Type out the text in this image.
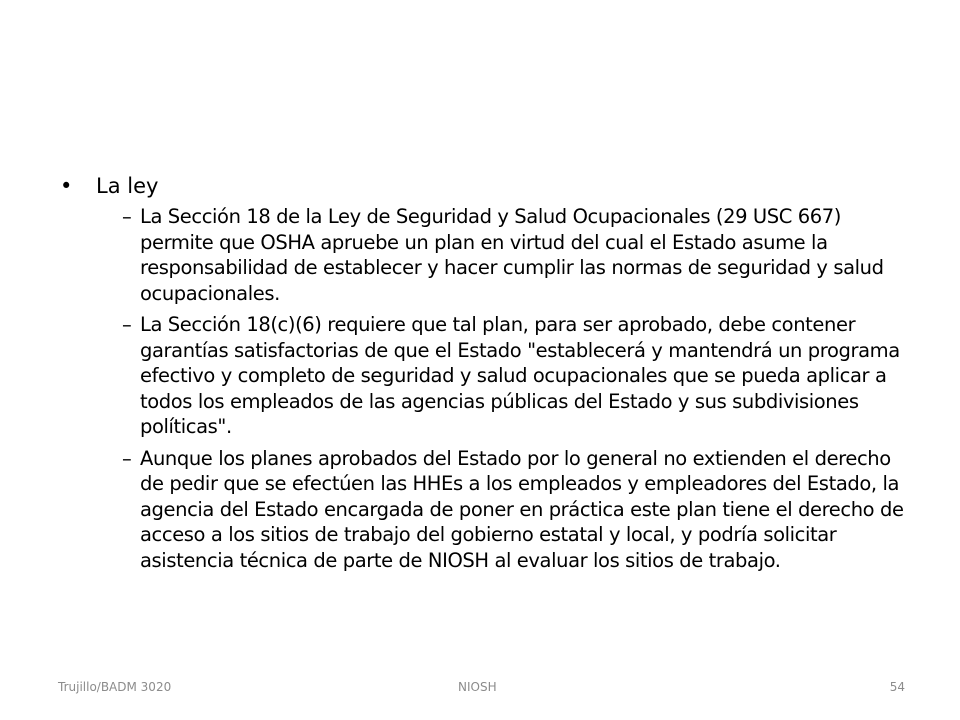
• La ley
– La Sección 18 de la Ley de Seguridad y Salud Ocupacionales (29 USC 667) permite que OSHA apruebe un plan en virtud del cual el Estado asume la responsabilidad de establecer y hacer cumplir las normas de seguridad y salud ocupacionales.
– La Sección 18(c)(6) requiere que tal plan, para ser aprobado, debe contener garantías satisfactorias de que el Estado "establecerá y mantendrá un programa efectivo y completo de seguridad y salud ocupacionales que se pueda aplicar a todos los empleados de las agencias públicas del Estado y sus subdivisiones políticas".
– Aunque los planes aprobados del Estado por lo general no extienden el derecho de pedir que se efectúen las HHEs a los empleados y empleadores del Estado, la agencia del Estado encargada de poner en práctica este plan tiene el derecho de acceso a los sitios de trabajo del gobierno estatal y local, y podría solicitar asistencia técnica de parte de NIOSH al evaluar los sitios de trabajo.
Trujillo/BADM 3020	NIOSH	54
